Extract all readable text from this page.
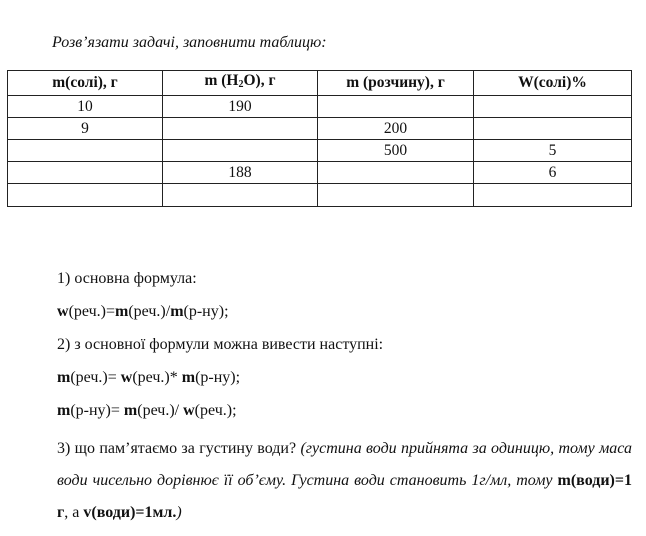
Розв’язати задачі, заповнити таблицю:
m(солі), г	m $(H_2O)$, г	m (розчину), г	W(солі)%
10	190		
9		200	
		500	5
	188		6

1) основна формула:

w(реч.)=m(реч.)/m(р-ну);

2) з основної формули можна вивести наступні:

m(реч.)= w(реч.)* m(р-ну);

m(р-ну)= m(реч.)/ w(реч.);

3) що пам’ятаємо за густину води? (густина води прийнята за одиницю, тому маса води чисельно дорівнює її об’єму. Густина води становить 1г/мл, тому m(води)=1 г, а v(води)=1мл.)
